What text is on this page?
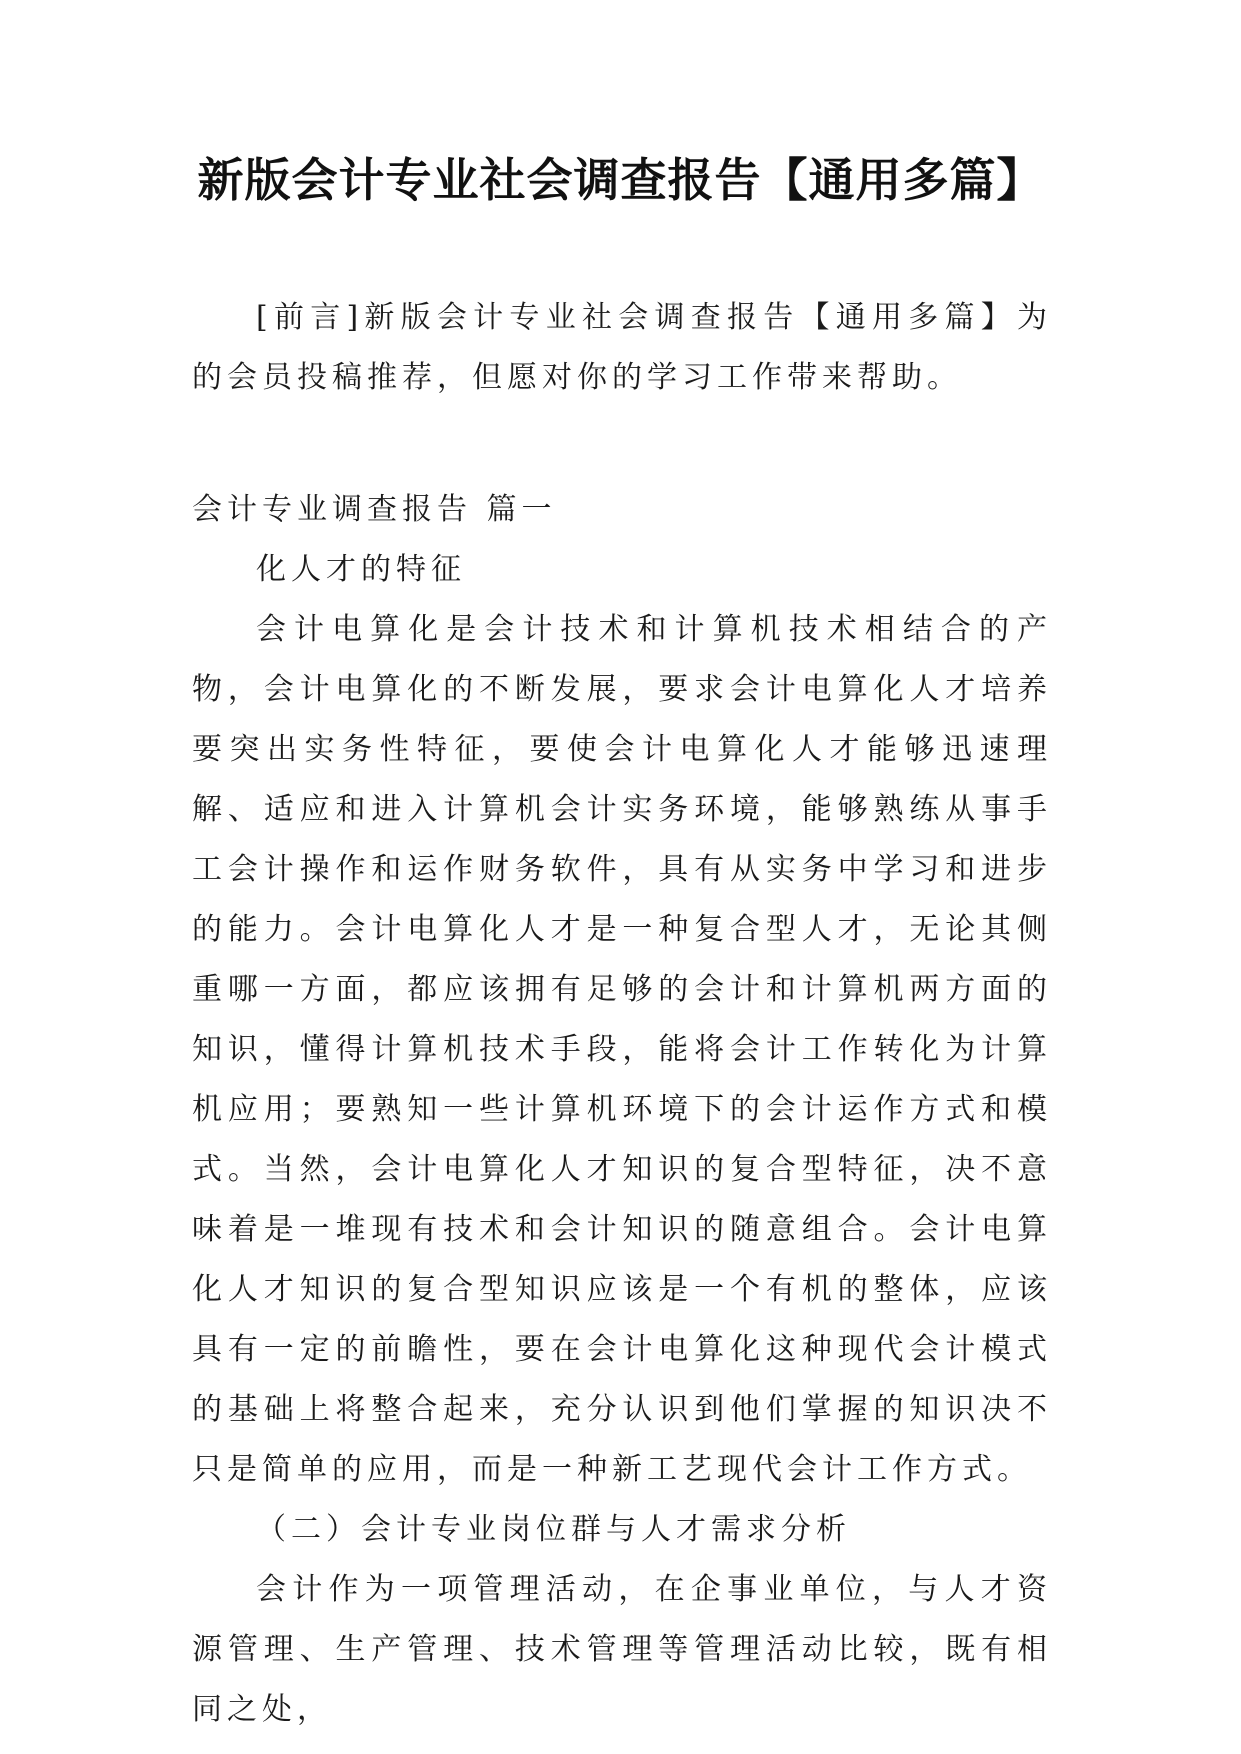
新版会计专业社会调查报告【通用多篇】

[前言]新版会计专业社会调查报告【通用多篇】为的会员投稿推荐，但愿对你的学习工作带来帮助。

会计专业调查报告 篇一

化人才的特征

会计电算化是会计技术和计算机技术相结合的产物，会计电算化的不断发展，要求会计电算化人才培养要突出实务性特征，要使会计电算化人才能够迅速理解、适应和进入计算机会计实务环境，能够熟练从事手工会计操作和运作财务软件，具有从实务中学习和进步的能力。会计电算化人才是一种复合型人才，无论其侧重哪一方面，都应该拥有足够的会计和计算机两方面的知识，懂得计算机技术手段，能将会计工作转化为计算机应用；要熟知一些计算机环境下的会计运作方式和模式。当然，会计电算化人才知识的复合型特征，决不意味着是一堆现有技术和会计知识的随意组合。会计电算化人才知识的复合型知识应该是一个有机的整体，应该具有一定的前瞻性，要在会计电算化这种现代会计模式的基础上将整合起来，充分认识到他们掌握的知识决不只是简单的应用，而是一种新工艺现代会计工作方式。

（二）会计专业岗位群与人才需求分析

会计作为一项管理活动，在企事业单位，与人才资源管理、生产管理、技术管理等管理活动比较，既有相同之处，
